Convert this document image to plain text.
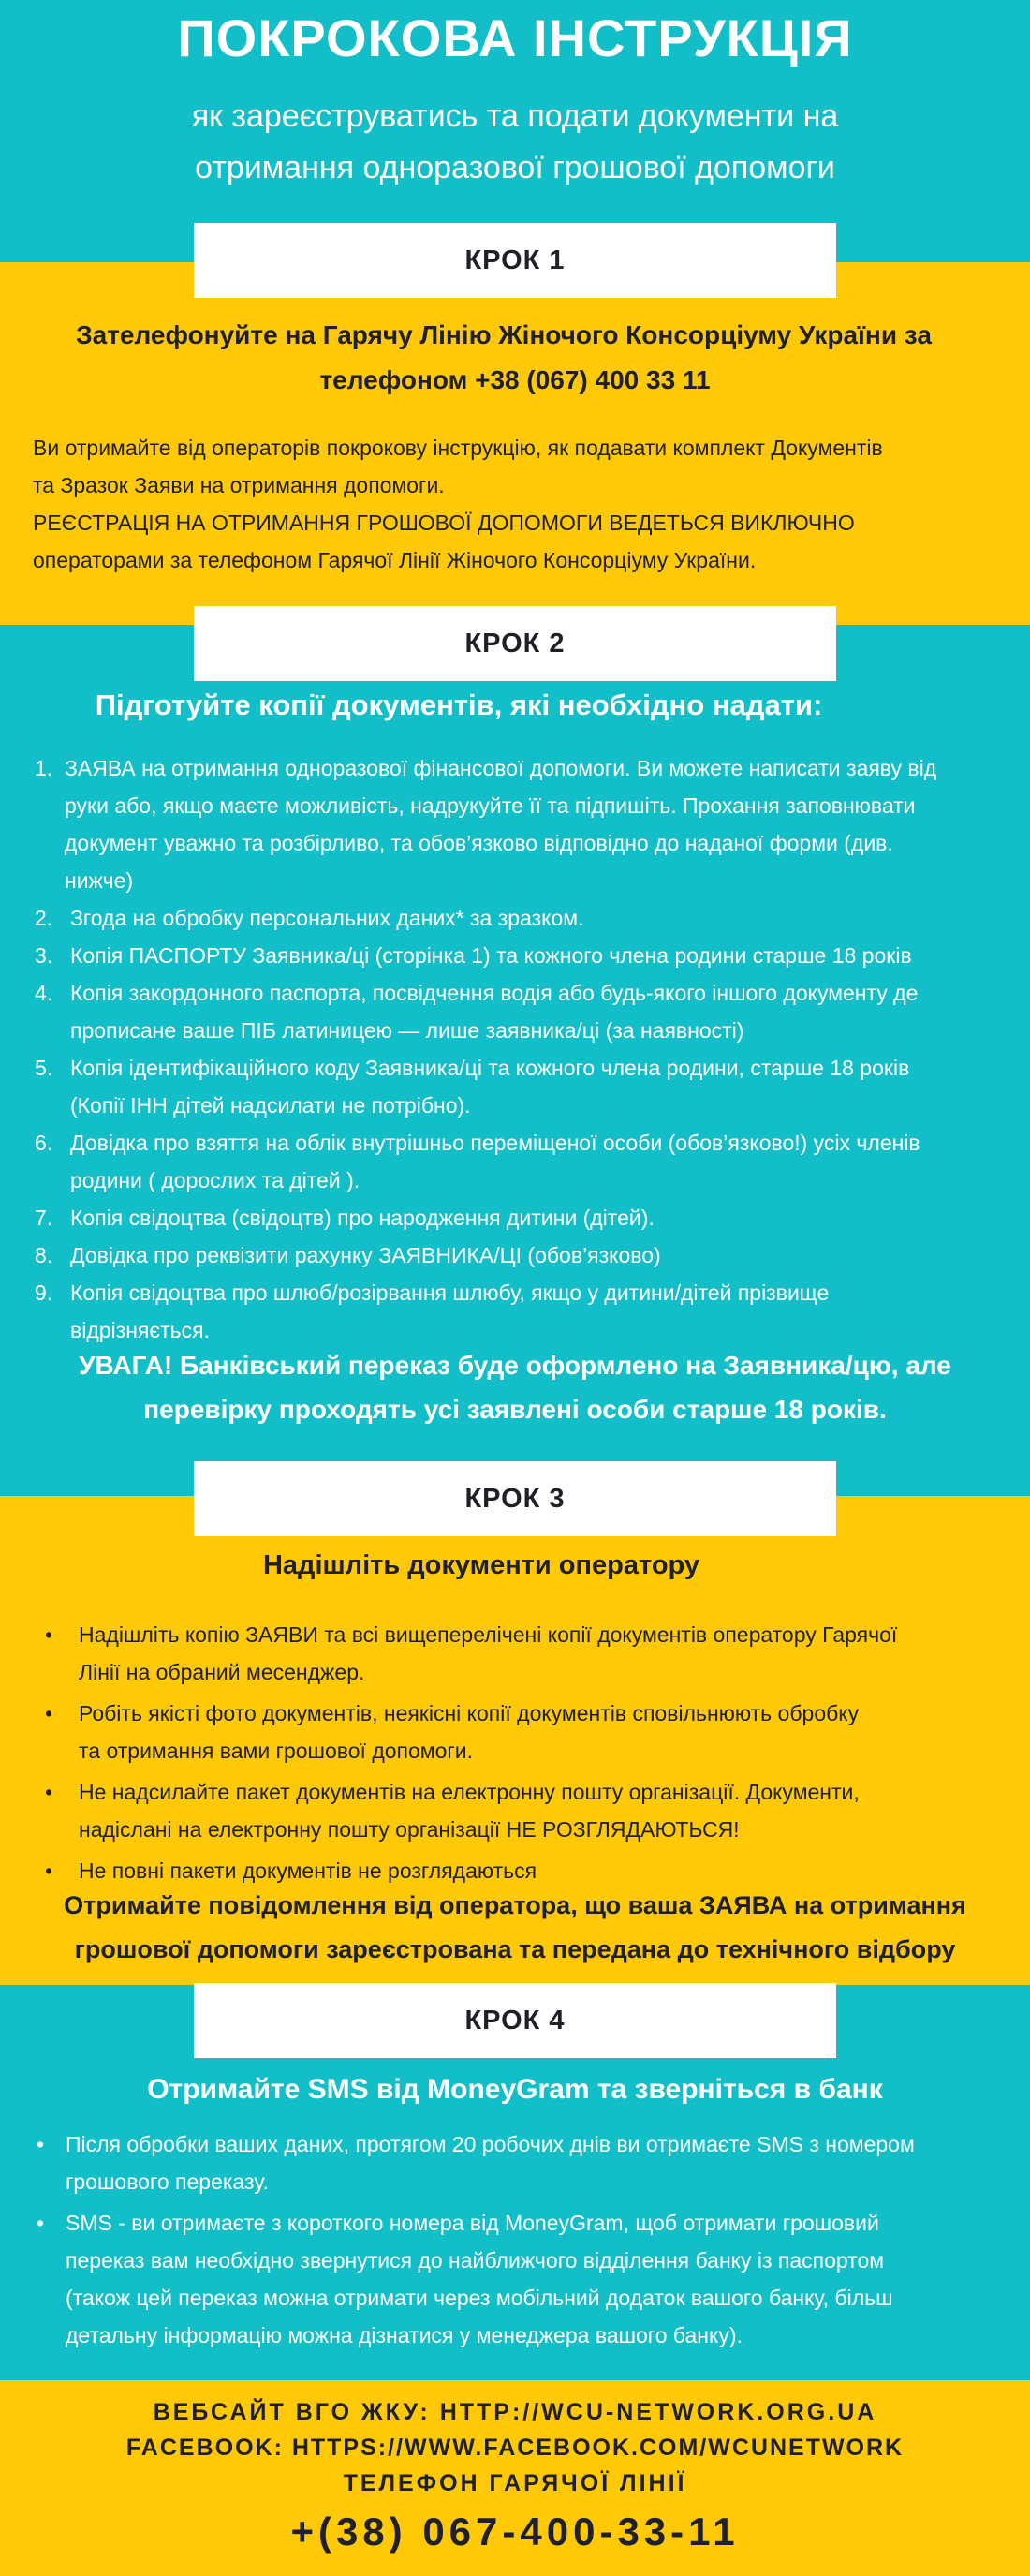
ПОКРОКОВА ІНСТРУКЦІЯ
як зареєструватись та подати документи на
отримання одноразової грошової допомоги
Зателефонуйте на Гарячу Лінію Жіночого Консорціуму України за
телефоном +38 (067) 400 33 11
Ви отримайте від операторів покрокову інструкцію, як подавати комплект Документів
та Зразок Заяви на отримання допомоги.
РЕЄСТРАЦІЯ НА ОТРИМАННЯ ГРОШОВОЇ ДОПОМОГИ ВЕДЕТЬСЯ ВИКЛЮЧНО
операторами за телефоном Гарячої Лінії Жіночого Консорціуму України.
КРОК 1
Підготуйте копії документів, які необхідно надати:
1. ЗАЯВА на отримання одноразової фінансової допомоги. Ви можете написати заяву від
руки або, якщо маєте можливість, надрукуйте її та підпишіть. Прохання заповнювати
документ уважно та розбірливо, та обов’язково відповідно до наданої форми (див.
нижче)
2. Згода на обробку персональних даних* за зразком.
3. Копія ПАСПОРТУ Заявника/ці (сторінка 1) та кожного члена родини старше 18 років
4. Копія закордонного паспорта, посвідчення водія або будь-якого іншого документу де
прописане ваше ПІБ латиницею — лише заявника/ці (за наявності)
5. Копія ідентифікаційного коду Заявника/ці та кожного члена родини, старше 18 років
(Копії ІНН дітей надсилати не потрібно).
6. Довідка про взяття на облік внутрішньо переміщеної особи (обов’язково!) усіх членів
родини ( дорослих та дітей ).
7. Копія свідоцтва (свідоцтв) про народження дитини (дітей).
8. Довідка про реквізити рахунку ЗАЯВНИКА/ЦІ (обов’язково)
9. Копія свідоцтва про шлюб/розірвання шлюбу, якщо у дитини/дітей прізвище
відрізняється.
УВАГА! Банківський переказ буде оформлено на Заявника/цю, але
перевірку проходять усі заявлені особи старше 18 років.
КРОК 2
Надішліть документи оператору
• Надішліть копію ЗАЯВИ та всі вищеперелічені копії документів оператору Гарячої
Лінії на обраний месенджер.
• Робіть якісті фото документів, неякісні копії документів сповільнюють обробку
та отримання вами грошової допомоги.
• Не надсилайте пакет документів на електронну пошту організації. Документи,
надіслані на електронну пошту організації НЕ РОЗГЛЯДАЮТЬСЯ!
• Не повні пакети документів не розглядаються
Отримайте повідомлення від оператора, що ваша ЗАЯВА на отримання
грошової допомоги зареєстрована та передана до технічного відбору
КРОК 3
Отримайте SMS від MoneyGram та зверніться в банк
• Після обробки ваших даних, протягом 20 робочих днів ви отримаєте SMS з номером
грошового переказу.
• SMS - ви отримаєте з короткого номера від MoneyGram, щоб отримати грошовий
переказ вам необхідно звернутися до найближчого відділення банку із паспортом
(також цей переказ можна отримати через мобільний додаток вашого банку, більш
детальну інформацію можна дізнатися у менеджера вашого банку).
КРОК 4
ВЕБСАЙТ ВГО ЖКУ: HTTP://WCU-NETWORK.ORG.UA
FACEBOOK: HTTPS://WWW.FACEBOOK.COM/WCUNETWORK
ТЕЛЕФОН ГАРЯЧОЇ ЛІНІЇ
+(38) 067-400-33-11
